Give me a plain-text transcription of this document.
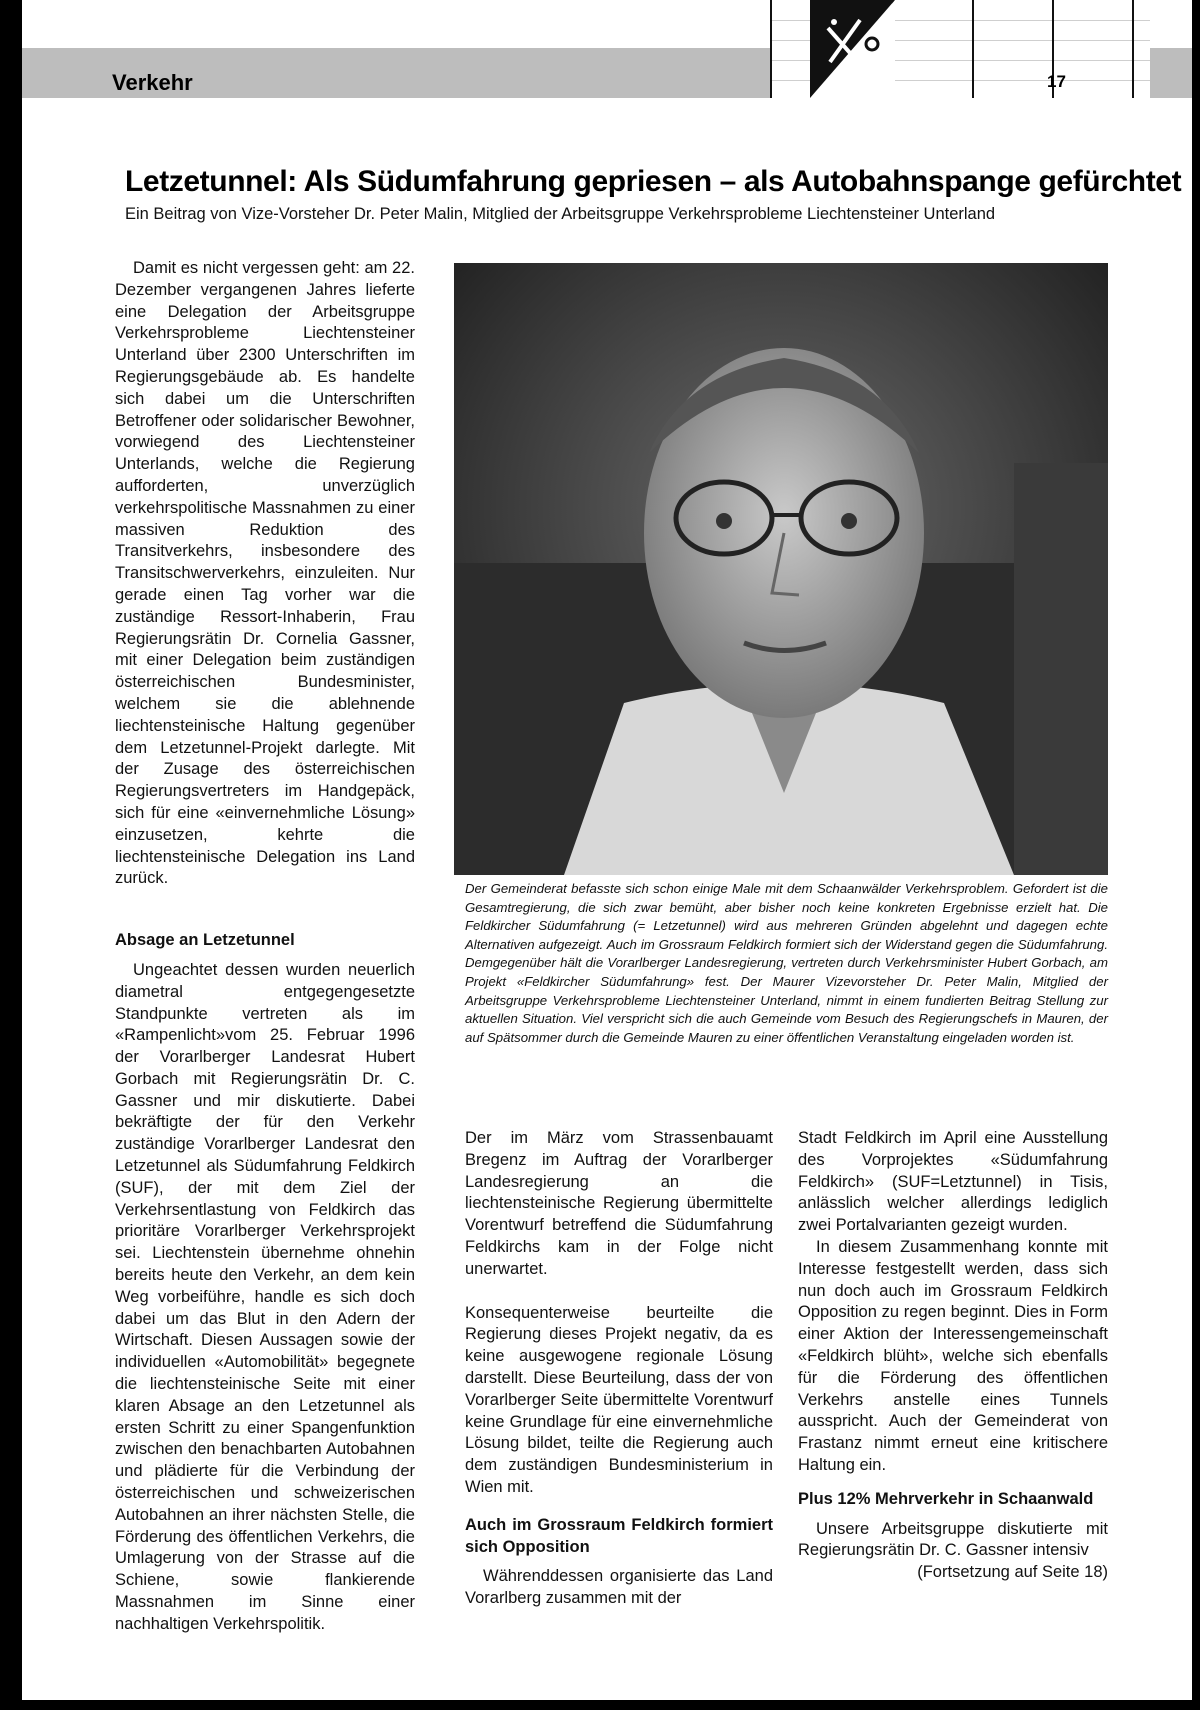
Verkehr	17
Letzetunnel: Als Südumfahrung gepriesen – als Autobahnspange gefürchtet
Ein Beitrag von Vize-Vorsteher Dr. Peter Malin, Mitglied der Arbeitsgruppe Verkehrsprobleme Liechtensteiner Unterland

Damit es nicht vergessen geht: am 22. Dezember vergangenen Jahres lieferte eine Delegation der Arbeitsgruppe Verkehrsprobleme Liechtensteiner Unterland über 2300 Unterschriften im Regierungsgebäude ab. Es handelte sich dabei um die Unterschriften Betroffener oder solidarischer Bewohner, vorwiegend des Liechtensteiner Unterlands, welche die Regierung aufforderten, unverzüglich verkehrspolitische Massnahmen zu einer massiven Reduktion des Transitverkehrs, insbesondere des Transitschwerverkehrs, einzuleiten. Nur gerade einen Tag vorher war die zuständige Ressort-Inhaberin, Frau Regierungsrätin Dr. Cornelia Gassner, mit einer Delegation beim zuständigen österreichischen Bundesminister, welchem sie die ablehnende liechtensteinische Haltung gegenüber dem Letzetunnel-Projekt darlegte. Mit der Zusage des österreichischen Regierungsvertreters im Handgepäck, sich für eine «einvernehmliche Lösung» einzusetzen, kehrte die liechtensteinische Delegation ins Land zurück.

Absage an Letzetunnel

Ungeachtet dessen wurden neuerlich diametral entgegengesetzte Standpunkte vertreten als im «Rampenlicht»vom 25. Februar 1996 der Vorarlberger Landesrat Hubert Gorbach mit Regierungsrätin Dr. C. Gassner und mir diskutierte. Dabei bekräftigte der für den Verkehr zuständige Vorarlberger Landesrat den Letzetunnel als Südumfahrung Feldkirch (SUF), der mit dem Ziel der Verkehrsentlastung von Feldkirch das prioritäre Vorarlberger Verkehrsprojekt sei. Liechtenstein übernehme ohnehin bereits heute den Verkehr, an dem kein Weg vorbeiführe, handle es sich doch dabei um das Blut in den Adern der Wirtschaft. Diesen Aussagen sowie der individuellen «Automobilität» begegnete die liechtensteinische Seite mit einer klaren Absage an den Letzetunnel als ersten Schritt zu einer Spangenfunktion zwischen den benachbarten Autobahnen und plädierte für die Verbindung der österreichischen und schweizerischen Autobahnen an ihrer nächsten Stelle, die Förderung des öffentlichen Verkehrs, die Umlagerung von der Strasse auf die Schiene, sowie flankierende Massnahmen im Sinne einer nachhaltigen Verkehrspolitik.

Der Gemeinderat befasste sich schon einige Male mit dem Schaanwälder Verkehrsproblem. Gefordert ist die Gesamtregierung, die sich zwar bemüht, aber bisher noch keine konkreten Ergebnisse erzielt hat. Die Feldkircher Südumfahrung (= Letzetunnel) wird aus mehreren Gründen abgelehnt und dagegen echte Alternativen aufgezeigt. Auch im Grossraum Feldkirch formiert sich der Widerstand gegen die Südumfahrung. Demgegenüber hält die Vorarlberger Landesregierung, vertreten durch Verkehrsminister Hubert Gorbach, am Projekt «Feldkircher Südumfahrung» fest. Der Maurer Vizevorsteher Dr. Peter Malin, Mitglied der Arbeitsgruppe Verkehrsprobleme Liechtensteiner Unterland, nimmt in einem fundierten Beitrag Stellung zur aktuellen Situation. Viel verspricht sich die auch Gemeinde vom Besuch des Regierungschefs in Mauren, der auf Spätsommer durch die Gemeinde Mauren zu einer öffentlichen Veranstaltung eingeladen worden ist.

Der im März vom Strassenbauamt Bregenz im Auftrag der Vorarlberger Landesregierung an die liechtensteinische Regierung übermittelte Vorentwurf betreffend die Südumfahrung Feldkirchs kam in der Folge nicht unerwartet.

Konsequenterweise beurteilte die Regierung dieses Projekt negativ, da es keine ausgewogene regionale Lösung darstellt. Diese Beurteilung, dass der von Vorarlberger Seite übermittelte Vorentwurf keine Grundlage für eine einvernehmliche Lösung bildet, teilte die Regierung auch dem zuständigen Bundesministerium in Wien mit.

Auch im Grossraum Feldkirch formiert sich Opposition

Währenddessen organisierte das Land Vorarlberg zusammen mit der

Stadt Feldkirch im April eine Ausstellung des Vorprojektes «Südumfahrung Feldkirch» (SUF=Letztunnel) in Tisis, anlässlich welcher allerdings lediglich zwei Portalvarianten gezeigt wurden.

In diesem Zusammenhang konnte mit Interesse festgestellt werden, dass sich nun doch auch im Grossraum Feldkirch Opposition zu regen beginnt. Dies in Form einer Aktion der Interessengemeinschaft «Feldkirch blüht», welche sich ebenfalls für die Förderung des öffentlichen Verkehrs anstelle eines Tunnels ausspricht. Auch der Gemeinderat von Frastanz nimmt erneut eine kritischere Haltung ein.

Plus 12% Mehrverkehr in Schaanwald

Unsere Arbeitsgruppe diskutierte mit Regierungsrätin Dr. C. Gassner intensiv

(Fortsetzung auf Seite 18)
